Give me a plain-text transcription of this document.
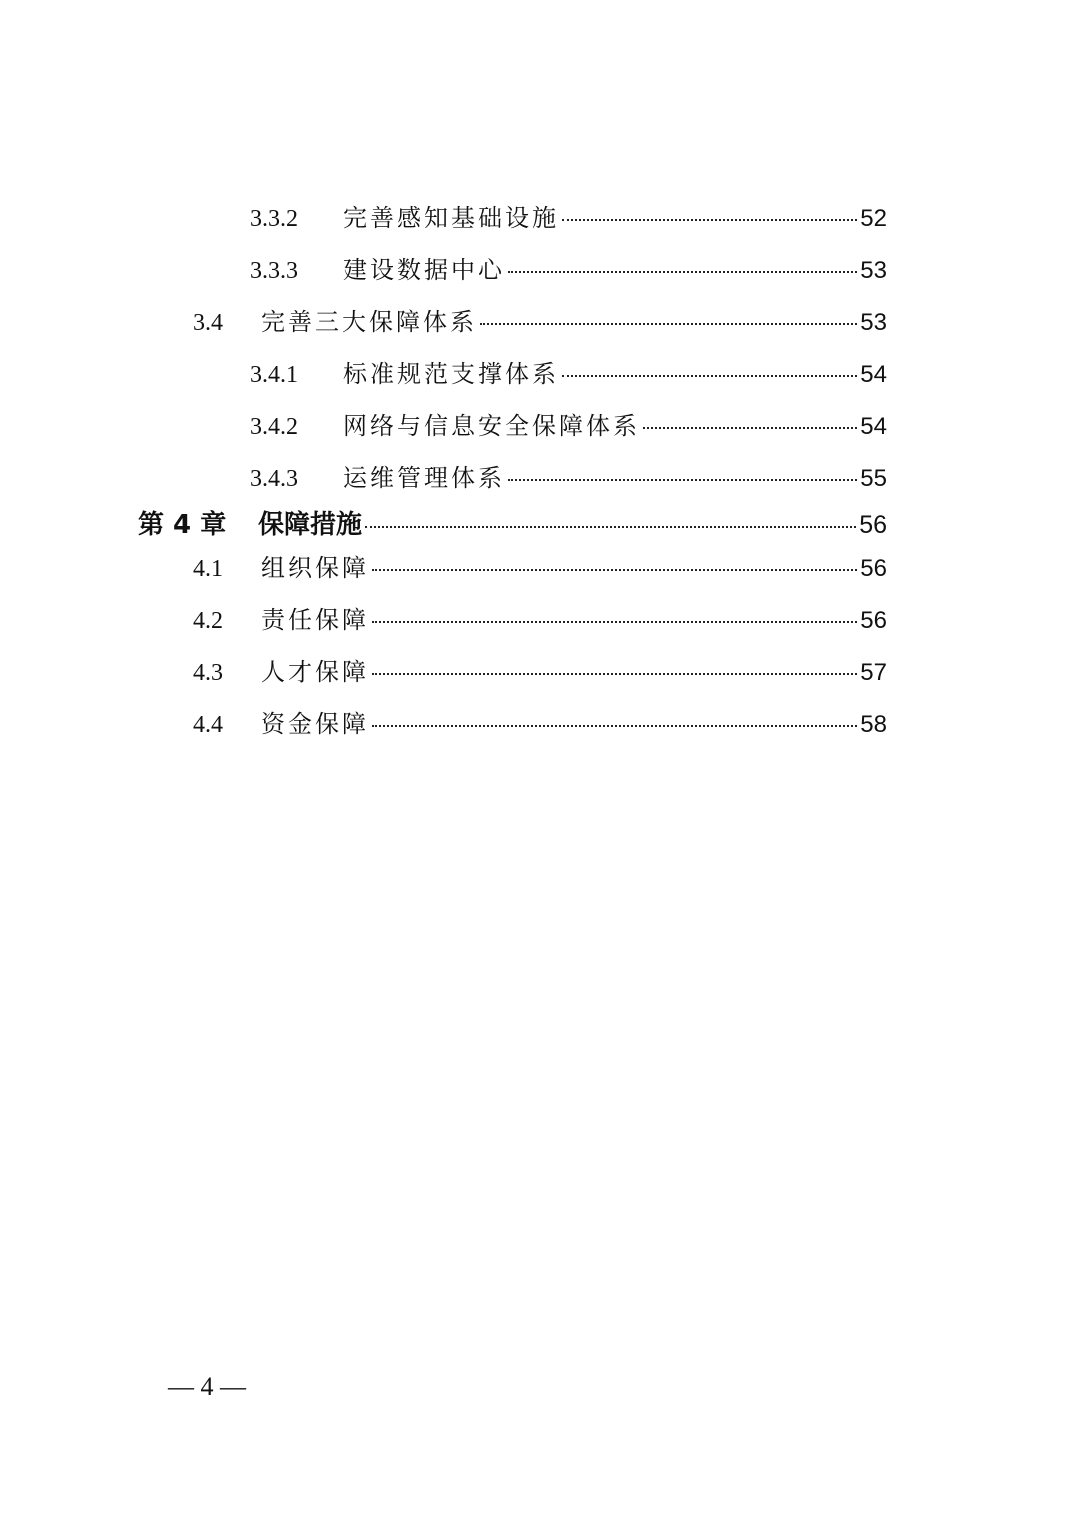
3.3.2	完善感知基础设施	52
3.3.3	建设数据中心	53
3.4	完善三大保障体系	53
3.4.1	标准规范支撑体系	54
3.4.2	网络与信息安全保障体系	54
3.4.3	运维管理体系	55
第 4 章	保障措施	56
4.1	组织保障	56
4.2	责任保障	56
4.3	人才保障	57
4.4	资金保障	58
— 4 —
